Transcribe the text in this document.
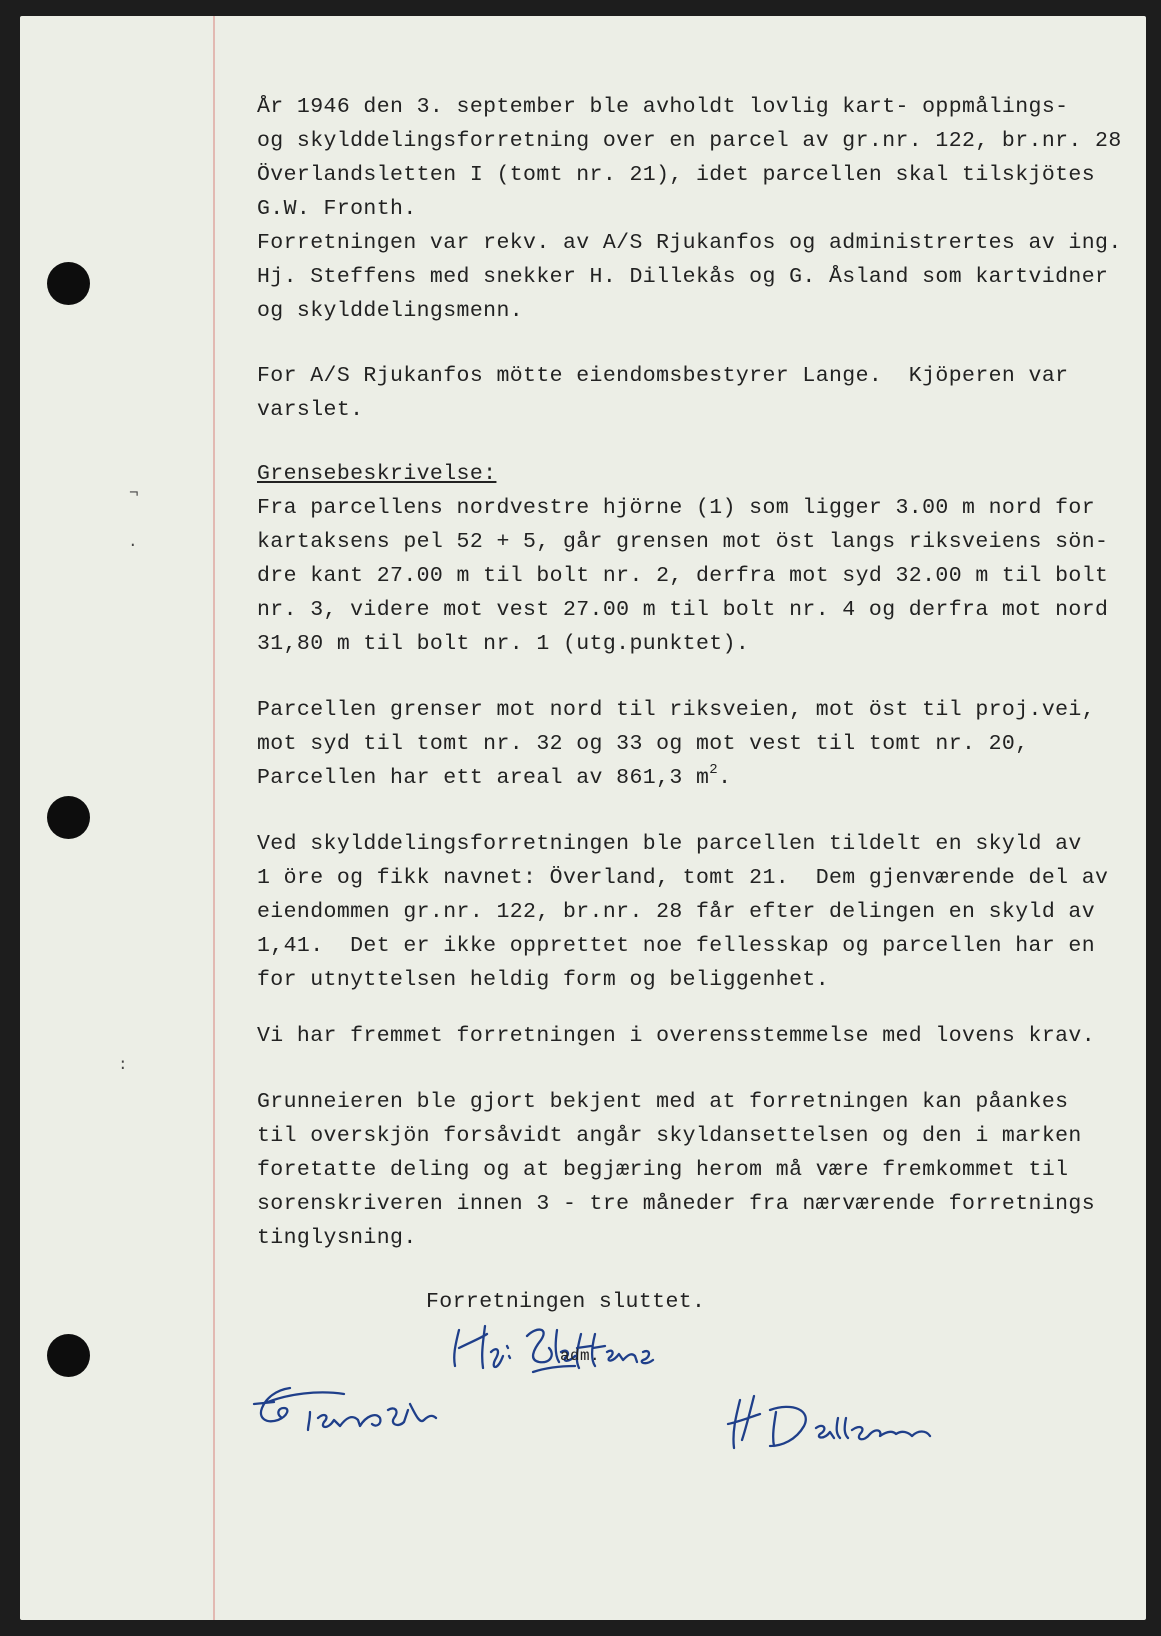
¬
·
:
År 1946 den 3. september ble avholdt lovlig kart- oppmålings-
og skylddelingsforretning over en parcel av gr.nr. 122, br.nr. 28
Överlandsletten I (tomt nr. 21), idet parcellen skal tilskjötes
G.W. Fronth.
Forretningen var rekv. av A/S Rjukanfos og administrertes av ing.
Hj. Steffens med snekker H. Dillekås og G. Åsland som kartvidner
og skylddelingsmenn.
For A/S Rjukanfos mötte eiendomsbestyrer Lange.  Kjöperen var
varslet.
Grensebeskrivelse:
Fra parcellens nordvestre hjörne (1) som ligger 3.00 m nord for
kartaksens pel 52 + 5, går grensen mot öst langs riksveiens sön-
dre kant 27.00 m til bolt nr. 2, derfra mot syd 32.00 m til bolt
nr. 3, videre mot vest 27.00 m til bolt nr. 4 og derfra mot nord
31,80 m til bolt nr. 1 (utg.punktet).
Parcellen grenser mot nord til riksveien, mot öst til proj.vei,
mot syd til tomt nr. 32 og 33 og mot vest til tomt nr. 20,
Parcellen har ett areal av 861,3 $m^2$.
Ved skylddelingsforretningen ble parcellen tildelt en skyld av
1 öre og fikk navnet: Överland, tomt 21.  Dem gjenværende del av
eiendommen gr.nr. 122, br.nr. 28 får efter delingen en skyld av
1,41.  Det er ikke opprettet noe fellesskap og parcellen har en
for utnyttelsen heldig form og beliggenhet.
Vi har fremmet forretningen i overensstemmelse med lovens krav.
Grunneieren ble gjort bekjent med at forretningen kan påankes
til overskjön forsåvidt angår skyldansettelsen og den i marken
foretatte deling og at begjæring herom må være fremkommet til
sorenskriveren innen 3 - tre måneder fra nærværende forretnings
tinglysning.
Forretningen sluttet.
adm.
